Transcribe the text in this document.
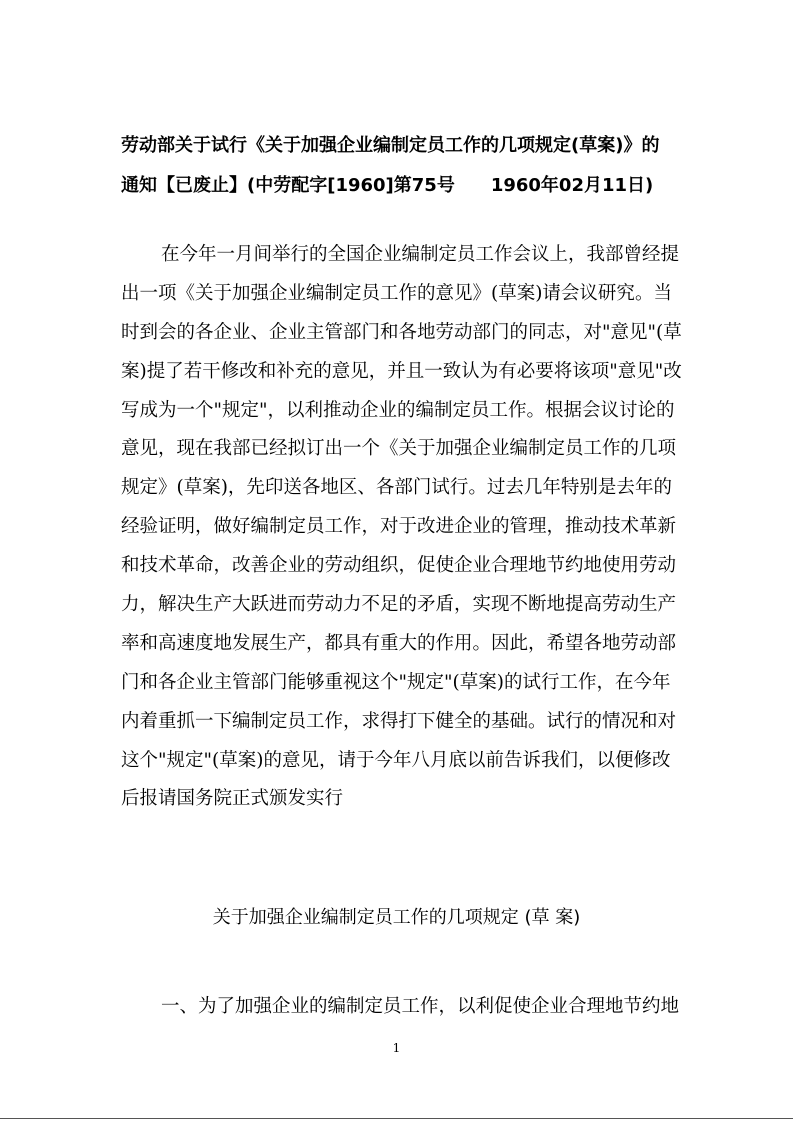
劳动部关于试行《关于加强企业编制定员工作的几项规定(草案)》的
通知【已废止】(中劳配字[1960]第75号　　1960年02月11日)
在今年一月间举行的全国企业编制定员工作会议上，我部曾经提
出一项《关于加强企业编制定员工作的意见》(草案)请会议研究。当
时到会的各企业、企业主管部门和各地劳动部门的同志，对"意见"(草
案)提了若干修改和补充的意见，并且一致认为有必要将该项"意见"改
写成为一个"规定"，以利推动企业的编制定员工作。根据会议讨论的
意见，现在我部已经拟订出一个《关于加强企业编制定员工作的几项
规定》(草案)，先印送各地区、各部门试行。过去几年特别是去年的
经验证明，做好编制定员工作，对于改进企业的管理，推动技术革新
和技术革命，改善企业的劳动组织，促使企业合理地节约地使用劳动
力，解决生产大跃进而劳动力不足的矛盾，实现不断地提高劳动生产
率和高速度地发展生产，都具有重大的作用。因此，希望各地劳动部
门和各企业主管部门能够重视这个"规定"(草案)的试行工作，在今年
内着重抓一下编制定员工作，求得打下健全的基础。试行的情况和对
这个"规定"(草案)的意见，请于今年八月底以前告诉我们，以便修改
后报请国务院正式颁发实行
关于加强企业编制定员工作的几项规定 (草 案)
一、为了加强企业的编制定员工作，以利促使企业合理地节约地
1
